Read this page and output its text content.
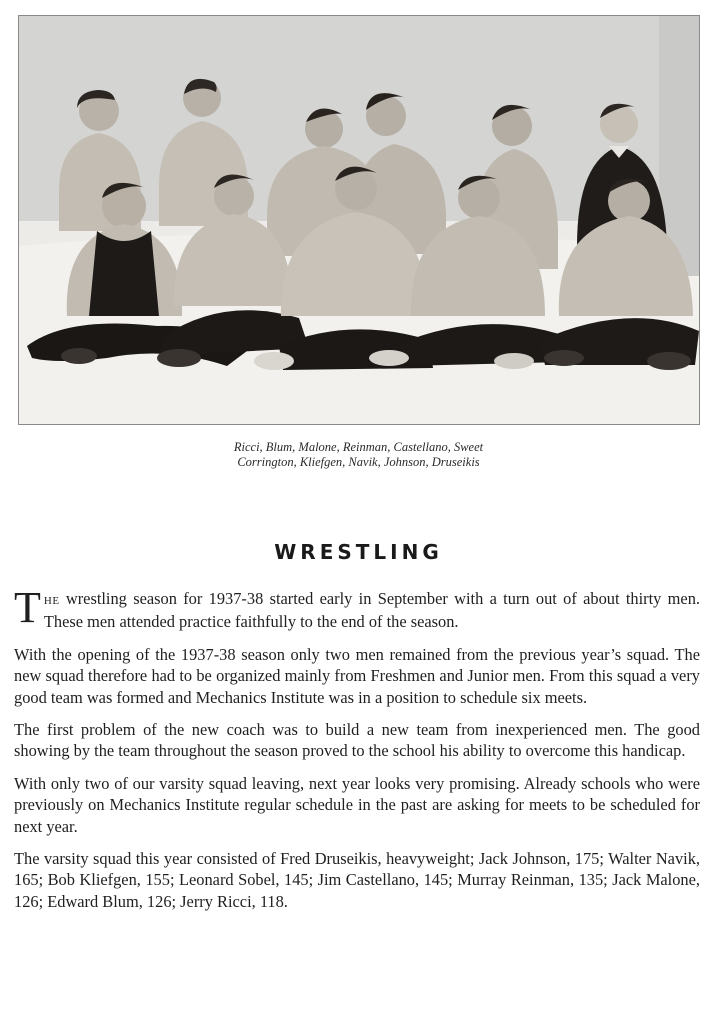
Ricci, Blum, Malone, Reinman, Castellano, Sweet
Corrington, Kliefgen, Navik, Johnson, Druseikis
WRESTLING

The wrestling season for 1937-38 started early in September with a turn out of about thirty men. These men attended practice faithfully to the end of the season.

With the opening of the 1937-38 season only two men remained from the previous year’s squad. The new squad therefore had to be organized mainly from Freshmen and Junior men. From this squad a very good team was formed and Mechanics Institute was in a position to schedule six meets.

The first problem of the new coach was to build a new team from inexperienced men. The good showing by the team throughout the season proved to the school his ability to overcome this handicap.

With only two of our varsity squad leaving, next year looks very promising. Already schools who were previously on Mechanics Institute regular schedule in the past are asking for meets to be scheduled for next year.

The varsity squad this year consisted of Fred Druseikis, heavyweight; Jack Johnson, 175; Walter Navik, 165; Bob Kliefgen, 155; Leonard Sobel, 145; Jim Castellano, 145; Murray Reinman, 135; Jack Malone, 126; Edward Blum, 126; Jerry Ricci, 118.
